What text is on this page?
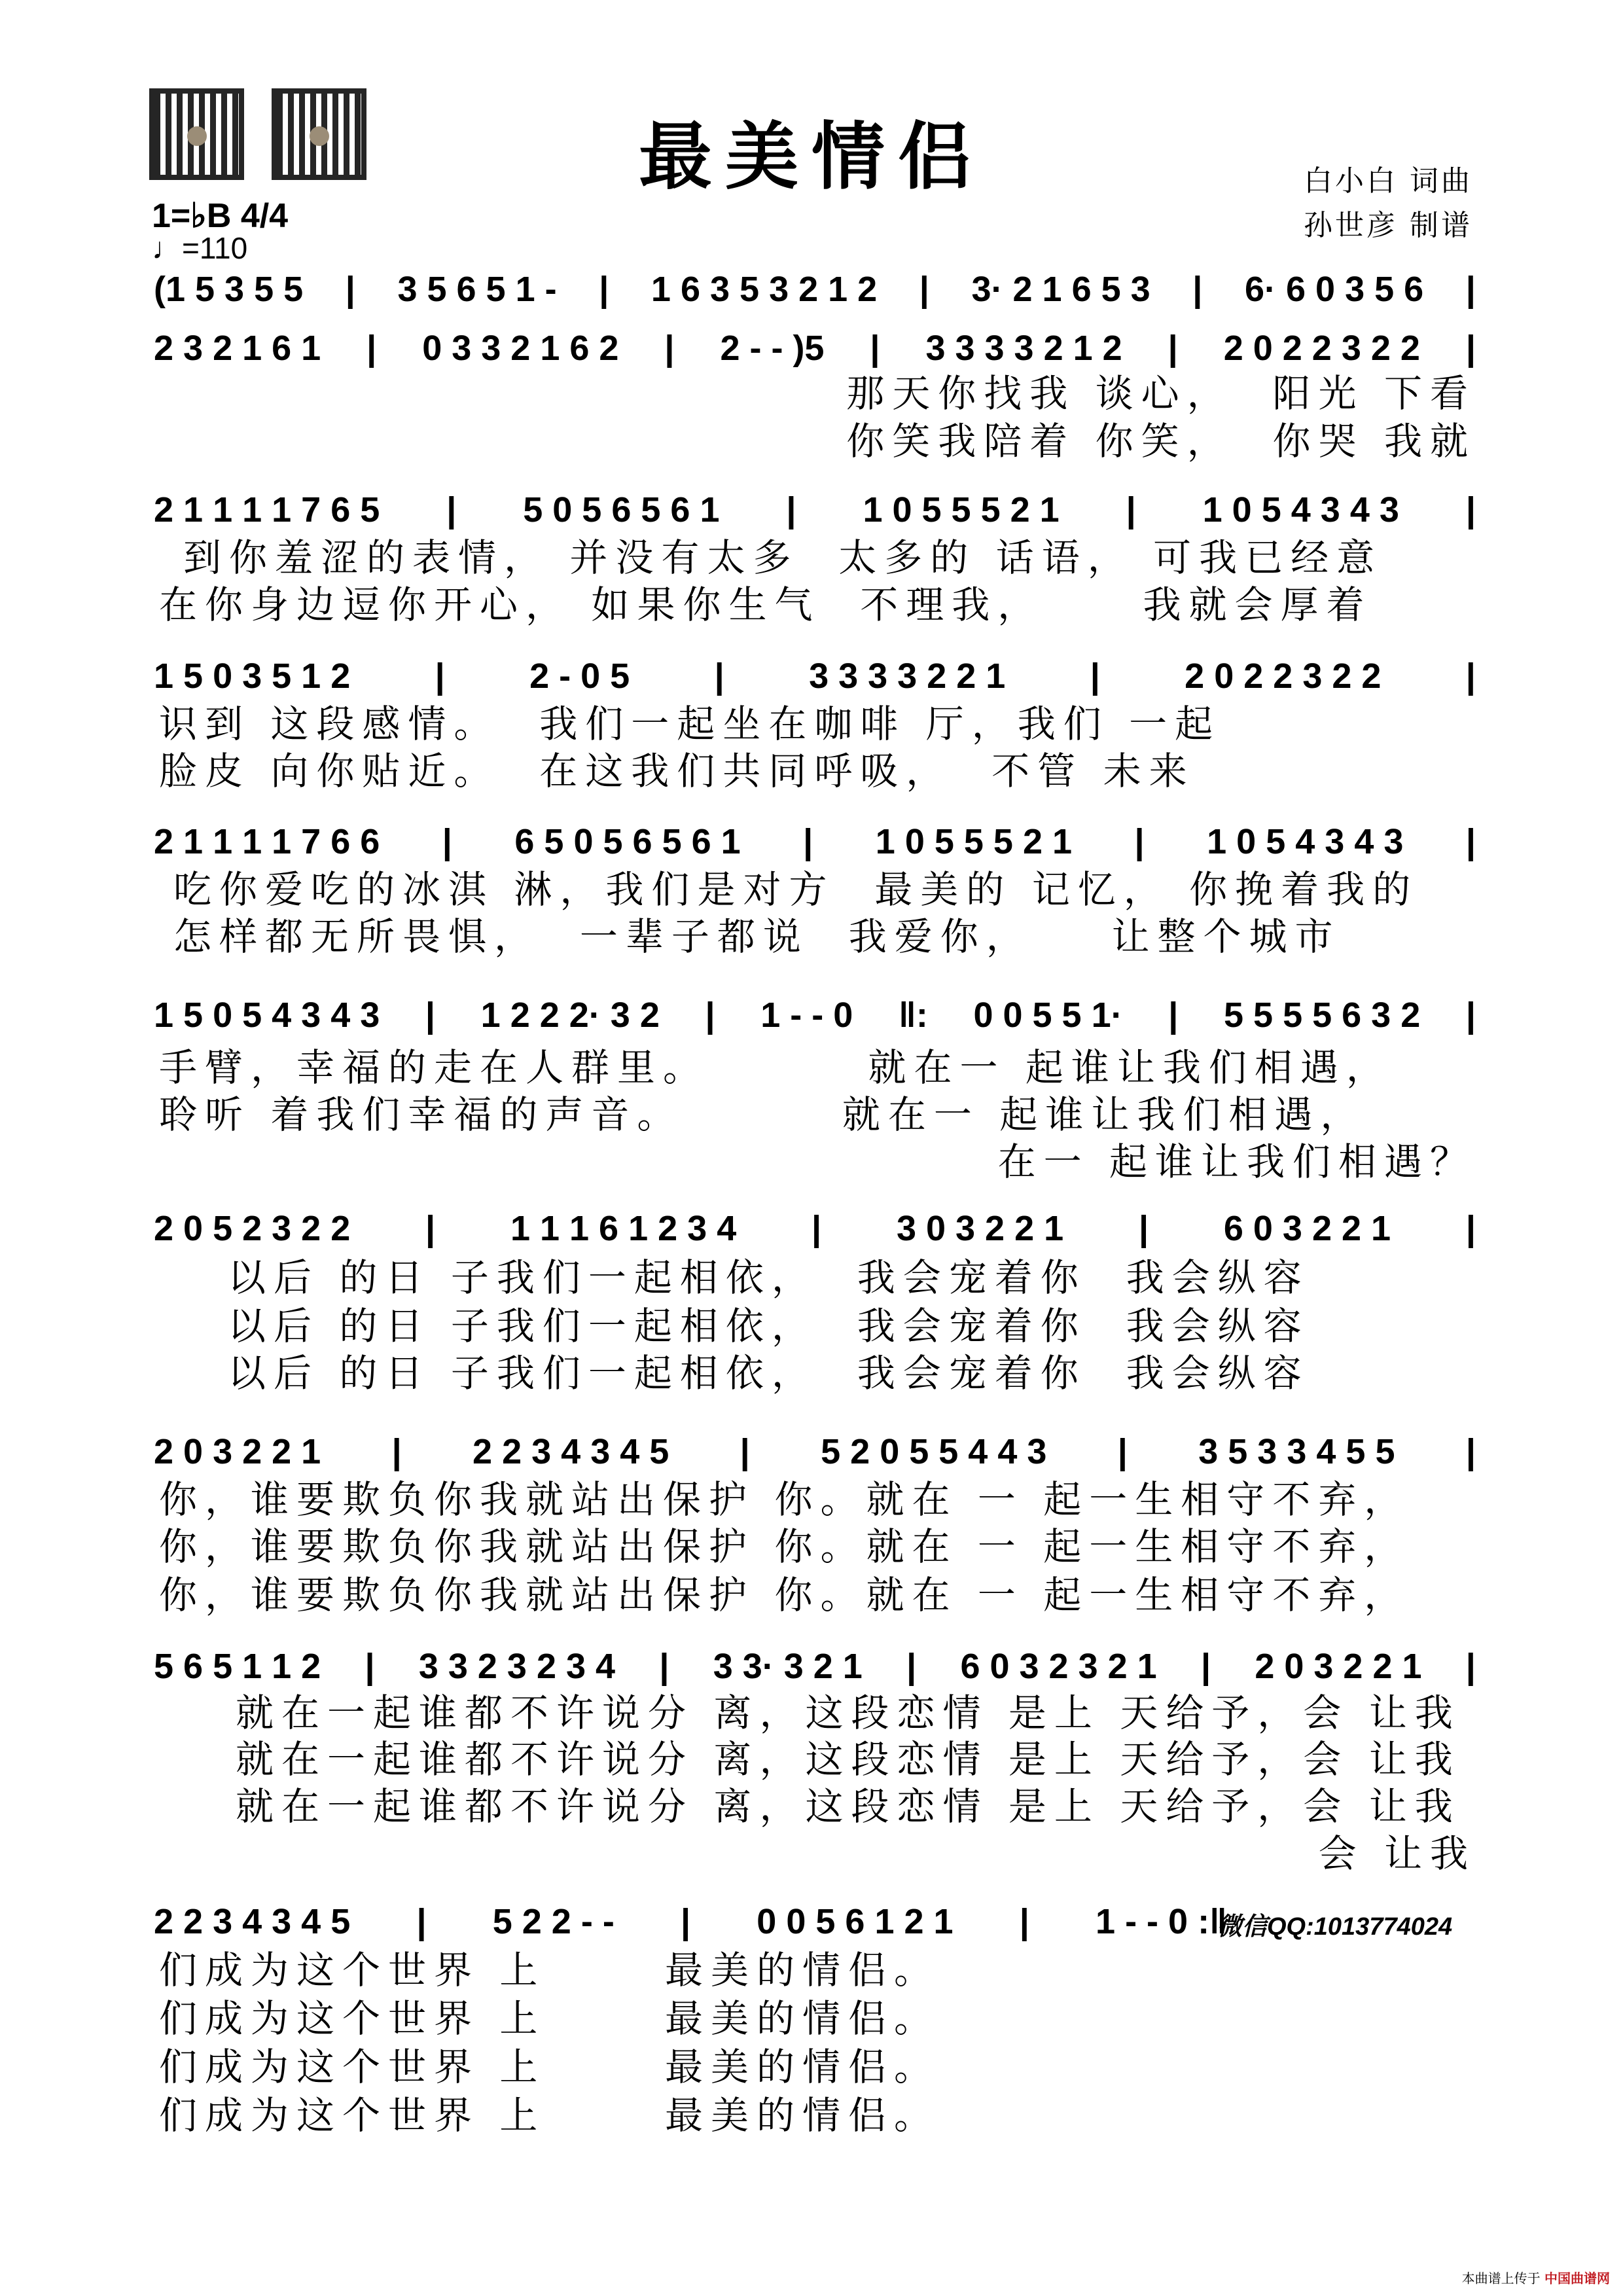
最美情侣	白小白 词曲
孙世彦 制谱
1=♭B 4/4
♩=110
(1 5 3 5 5 | 3 5 6 5 1 - | 1 6 3 5 3 2 1 2 | 3· 2 1 6 5 3 | 6· 6 0 3 5 6 |
2 3 2 1 6 1 | 0 3 3 2 1 6 2 | 2 - - )5 | 3 3 3 3 2 1 2 | 2 0 2 2 3 2 2 |
那天你找我 谈心，  阳光 下看
你笑我陪着 你笑，  你哭 我就
2 1 1 1 1 7 6 5 | 5 0 5 6 5 6 1 | 1 0 5 5 5 2 1 | 1 0 5 4 3 4 3 |
到你羞涩的表情， 并没有太多  太多的 话语， 可我已经意
在你身边逗你开心， 如果你生气  不理我，     我就会厚着
1 5 0 3 5 1 2 | 2 - 0 5 | 3 3 3 3 2 2 1 | 2 0 2 2 3 2 2 |
识到 这段感情。  我们一起坐在咖啡 厅，我们 一起
脸皮 向你贴近。  在这我们共同呼吸，  不管 未来
2 1 1 1 1 7 6 6 | 6 5 0 5 6 5 6 1 | 1 0 5 5 5 2 1 | 1 0 5 4 3 4 3 |
吃你爱吃的冰淇 淋，我们是对方  最美的 记忆， 你挽着我的
怎样都无所畏惧，  一辈子都说  我爱你，    让整个城市
1 5 0 5 4 3 4 3 | 1 2 2 2· 3 2 | 1 - - 0 ‖: 0 0 5 5 1· | 5 5 5 5 6 3 2 |
手臂，幸福的走在人群里。        就在一 起谁让我们相遇，
聆听 着我们幸福的声音。        就在一 起谁让我们相遇，
在一 起谁让我们相遇？
2 0 5 2 3 2 2 | 1 1 1 6 1 2 3 4 | 3 0 3 2 2 1 | 6 0 3 2 2 1 |
以后 的日 子我们一起相依，  我会宠着你  我会纵容
以后 的日 子我们一起相依，  我会宠着你  我会纵容
以后 的日 子我们一起相依，  我会宠着你  我会纵容
2 0 3 2 2 1 | 2 2 3 4 3 4 5 | 5 2 0 5 5 4 4 3 | 3 5 3 3 4 5 5 |
你，谁要欺负你我就站出保护 你。就在 一 起一生相守不弃，
你，谁要欺负你我就站出保护 你。就在 一 起一生相守不弃，
你，谁要欺负你我就站出保护 你。就在 一 起一生相守不弃，
5 6 5 1 1 2 | 3 3 2 3 2 3 4 | 3 3· 3 2 1 | 6 0 3 2 3 2 1 | 2 0 3 2 2 1 |
就在一起谁都不许说分 离，这段恋情 是上 天给予，会 让我
就在一起谁都不许说分 离，这段恋情 是上 天给予，会 让我
就在一起谁都不许说分 离，这段恋情 是上 天给予，会 让我
会 让我
2 2 3 4 3 4 5 | 5 2 2 - - | 0 0 5 6 1 2 1 | 1 - - 0 :‖
们成为这个世界 上      最美的情侣。
们成为这个世界 上      最美的情侣。
们成为这个世界 上      最美的情侣。
们成为这个世界 上      最美的情侣。
微信QQ:1013774024
本曲谱上传于 中国曲谱网
